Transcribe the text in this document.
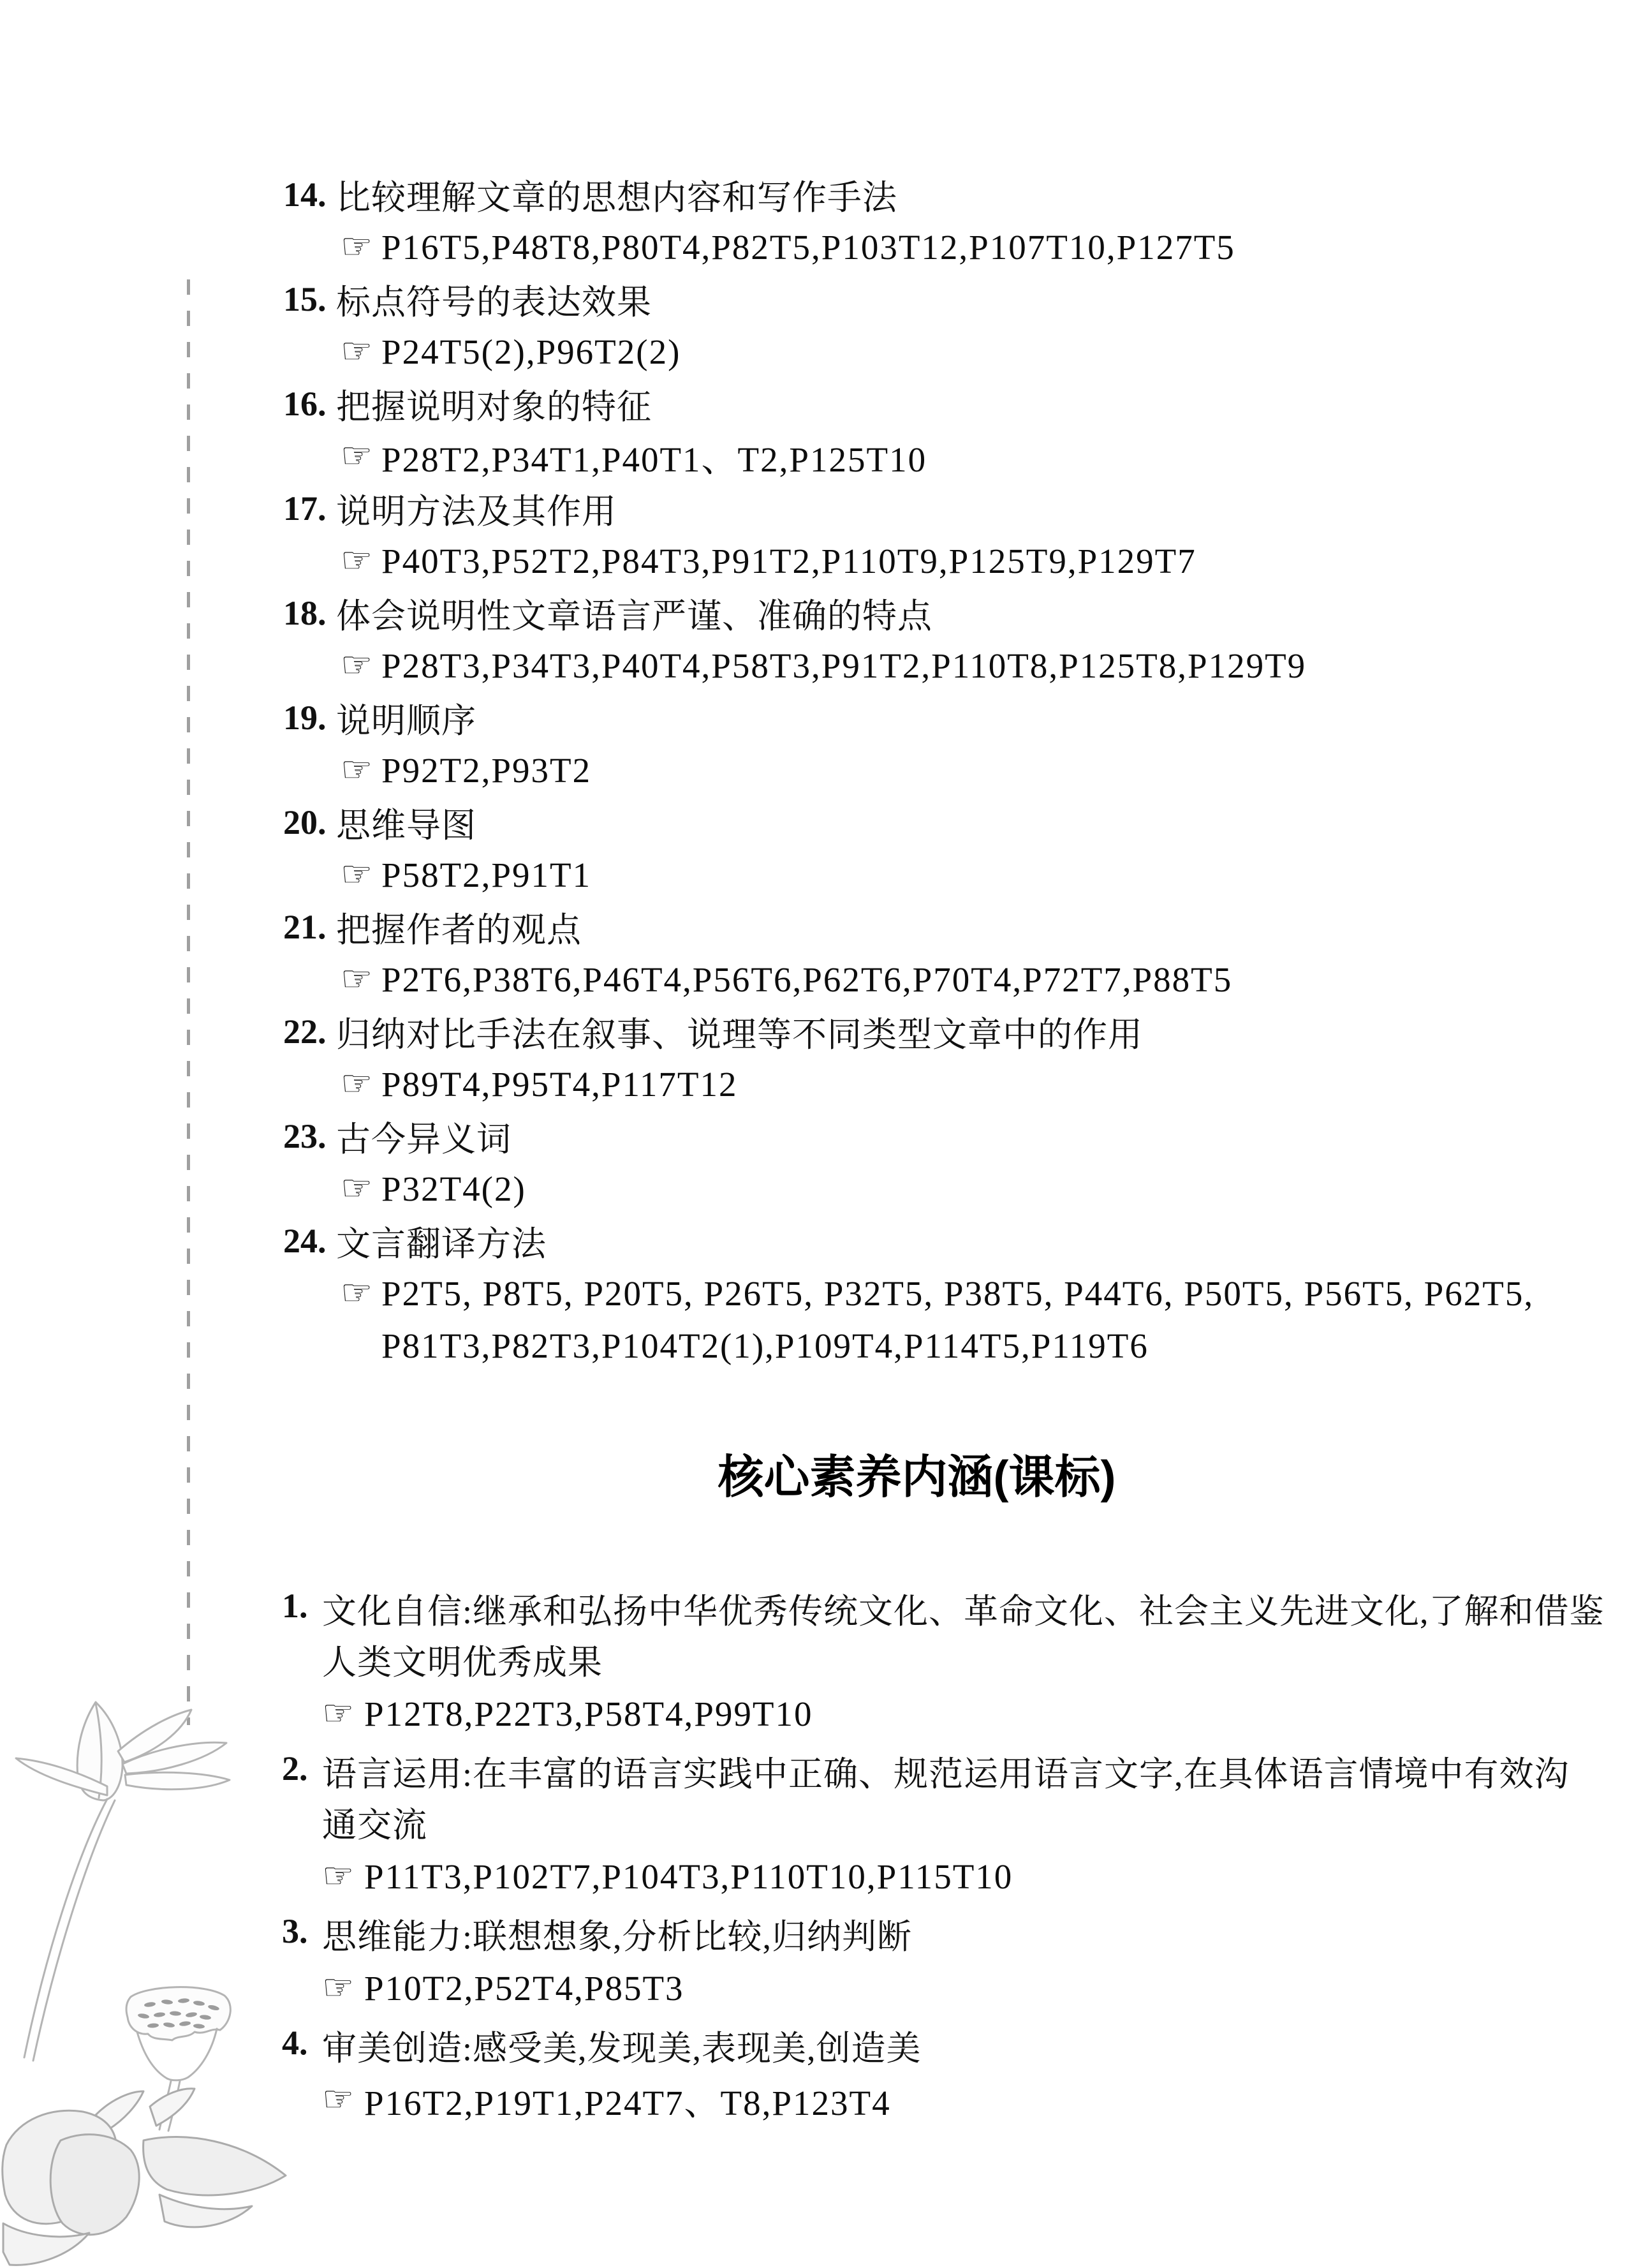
14. 比较理解文章的思想内容和写作手法
☞ P16T5,P48T8,P80T4,P82T5,P103T12,P107T10,P127T5
15. 标点符号的表达效果
☞ P24T5(2),P96T2(2)
16. 把握说明对象的特征
☞ P28T2,P34T1,P40T1、T2,P125T10
17. 说明方法及其作用
☞ P40T3,P52T2,P84T3,P91T2,P110T9,P125T9,P129T7
18. 体会说明性文章语言严谨、准确的特点
☞ P28T3,P34T3,P40T4,P58T3,P91T2,P110T8,P125T8,P129T9
19. 说明顺序
☞ P92T2,P93T2
20. 思维导图
☞ P58T2,P91T1
21. 把握作者的观点
☞ P2T6,P38T6,P46T4,P56T6,P62T6,P70T4,P72T7,P88T5
22. 归纳对比手法在叙事、说理等不同类型文章中的作用
☞ P89T4,P95T4,P117T12
23. 古今异义词
☞ P32T4(2)
24. 文言翻译方法
☞ P2T5, P8T5, P20T5, P26T5, P32T5, P38T5, P44T6, P50T5, P56T5, P62T5,
P81T3,P82T3,P104T2(1),P109T4,P114T5,P119T6
核心素养内涵(课标)
1. 文化自信:继承和弘扬中华优秀传统文化、革命文化、社会主义先进文化,了解和借鉴
人类文明优秀成果
☞ P12T8,P22T3,P58T4,P99T10
2. 语言运用:在丰富的语言实践中正确、规范运用语言文字,在具体语言情境中有效沟
通交流
☞ P11T3,P102T7,P104T3,P110T10,P115T10
3. 思维能力:联想想象,分析比较,归纳判断
☞ P10T2,P52T4,P85T3
4. 审美创造:感受美,发现美,表现美,创造美
☞ P16T2,P19T1,P24T7、T8,P123T4
